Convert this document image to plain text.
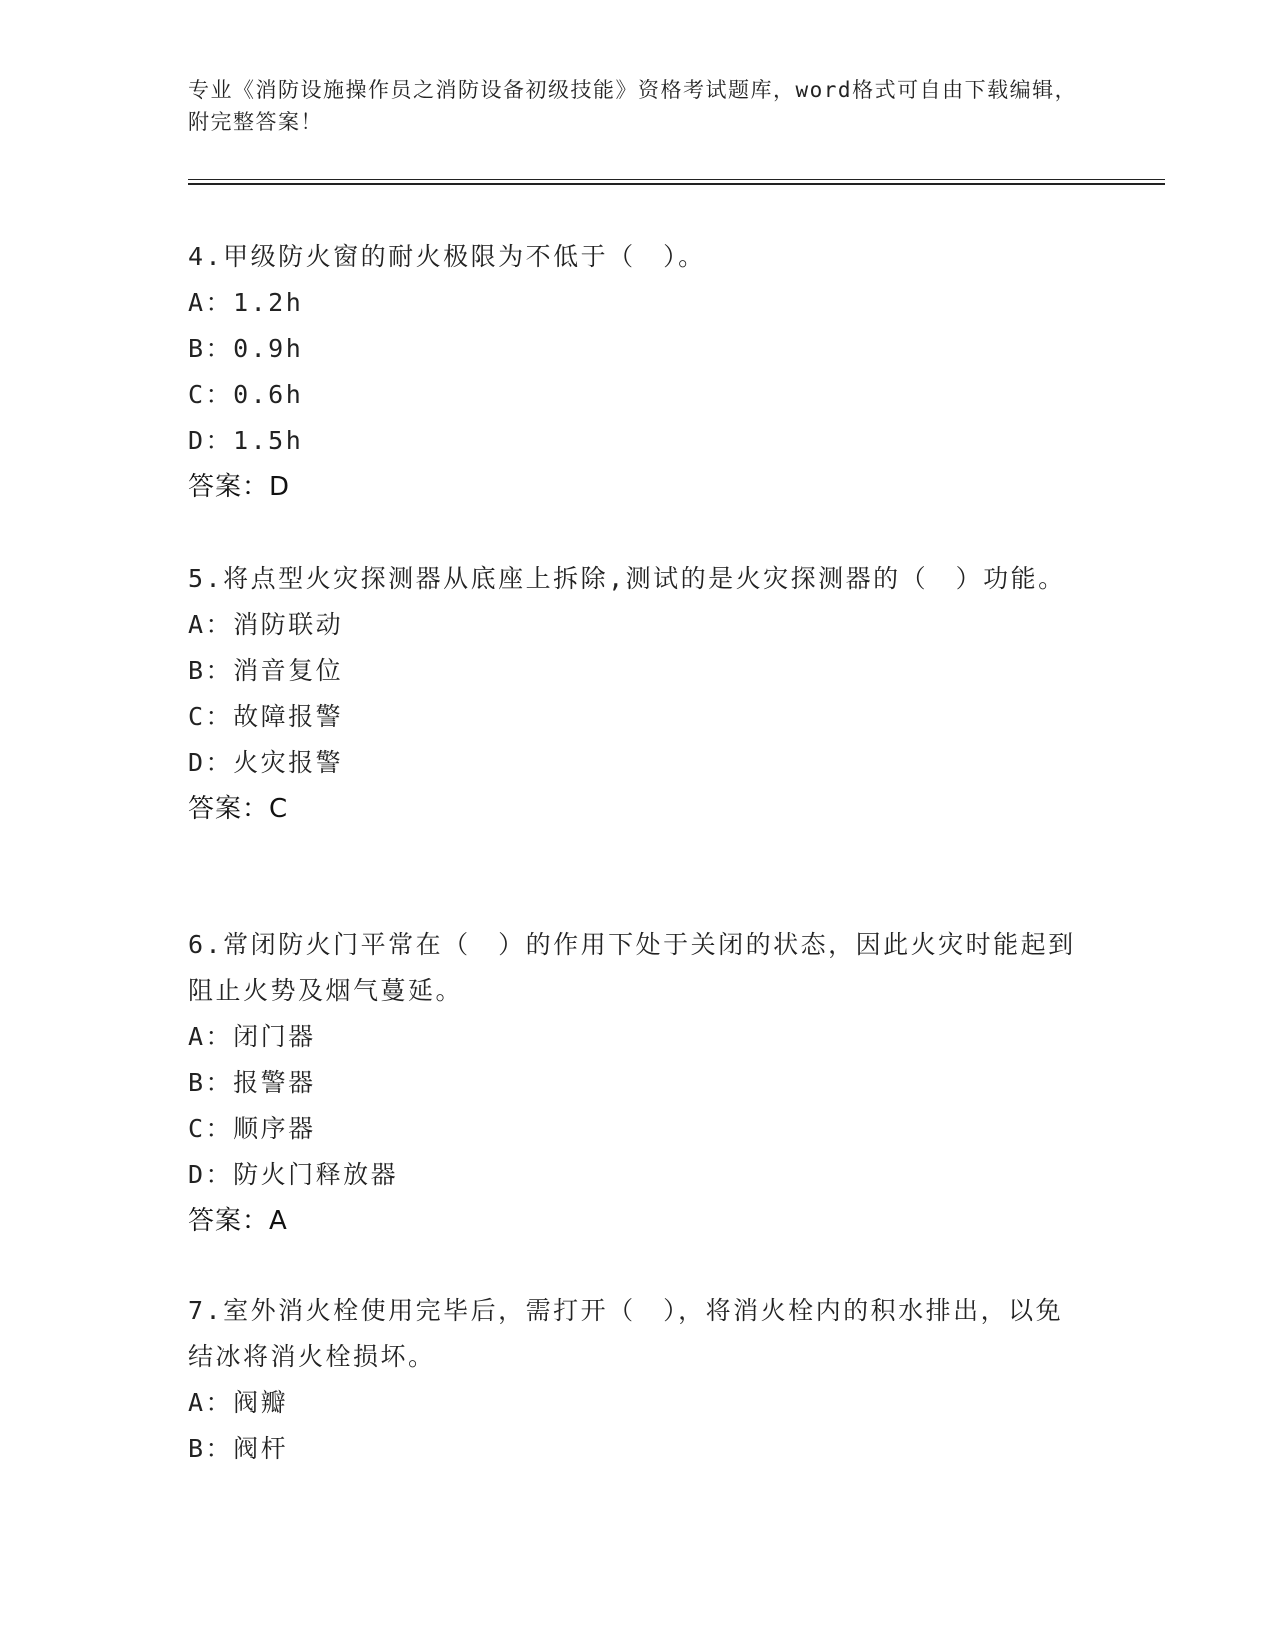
专业《消防设施操作员之消防设备初级技能》资格考试题库，word格式可自由下载编辑，附完整答案！

4.甲级防火窗的耐火极限为不低于（　）。

A： 1.2h

B： 0.9h

C： 0.6h

D： 1.5h

答案：D

5.将点型火灾探测器从底座上拆除,测试的是火灾探测器的（　）功能。

A： 消防联动

B： 消音复位

C： 故障报警

D： 火灾报警

答案：C

6.常闭防火门平常在（　）的作用下处于关闭的状态，因此火灾时能起到阻止火势及烟气蔓延。

A： 闭门器

B： 报警器

C： 顺序器

D： 防火门释放器

答案：A

7.室外消火栓使用完毕后，需打开（　），将消火栓内的积水排出，以免结冰将消火栓损坏。

A： 阀瓣

B： 阀杆
